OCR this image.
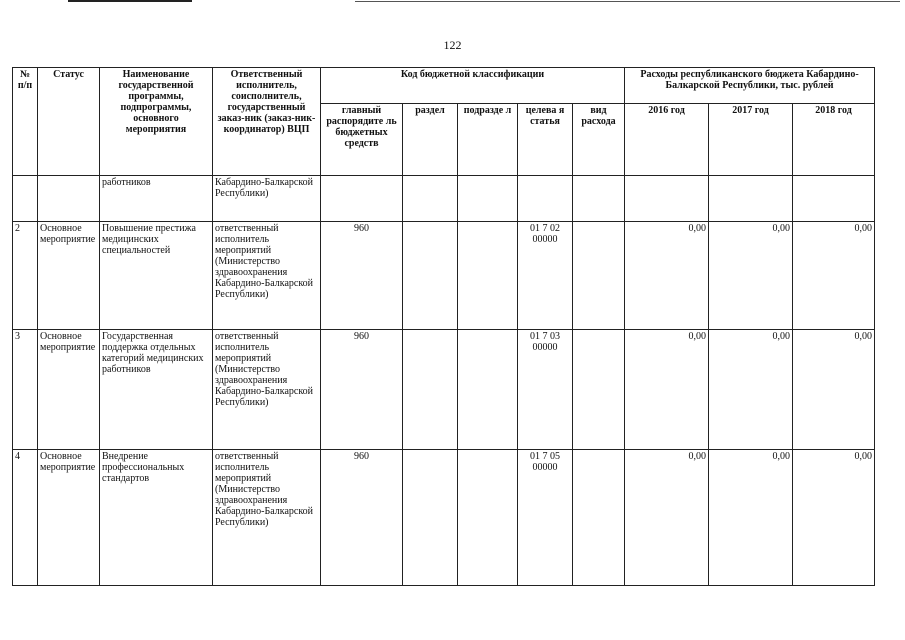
122
№ п/п	Статус	Наименование государственной программы, подпрограммы, основного мероприятия	Ответственный исполнитель, соисполнитель, государственный заказ-ник (заказ-ник-координатор) ВЦП	Код бюджетной классификации					Расходы республиканского бюджета Кабардино-Балкарской Республики, тыс. рублей		
				главный распорядите ль бюджетных средств	раздел	подразде л	целева я статья	вид расхода	2016 год	2017 год	2018 год
		работников	Кабардино-Балкарской Республики)								
2	Основное мероприятие	Повышение престижа медицинских специальностей	ответственный исполнитель мероприятий (Министерство здравоохранения Кабардино-Балкарской Республики)	960			01 7 02 00000		0,00	0,00	0,00
3	Основное мероприятие	Государственная поддержка отдельных категорий медицинских работников	ответственный исполнитель мероприятий (Министерство здравоохранения Кабардино-Балкарской Республики)	960			01 7 03 00000		0,00	0,00	0,00
4	Основное мероприятие	Внедрение профессиональных стандартов	ответственный исполнитель мероприятий (Министерство здравоохранения Кабардино-Балкарской Республики)	960			01 7 05 00000		0,00	0,00	0,00
